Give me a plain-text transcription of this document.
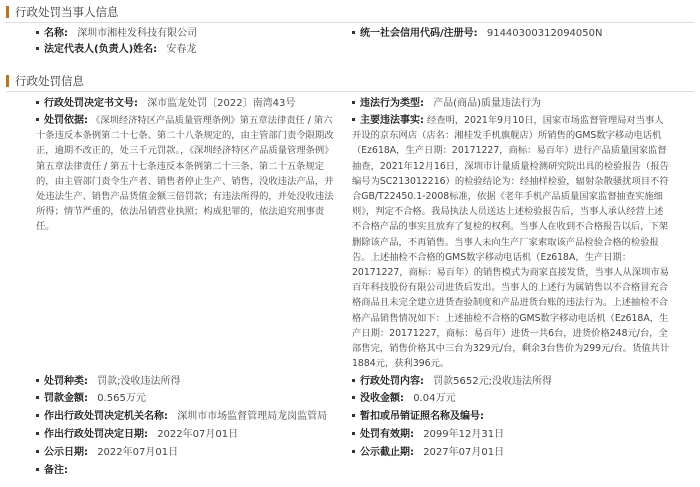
行政处罚当事人信息
名称: 深圳市湘桂发科技有限公司	统一社会信用代码/注册号: 91440300312094050N
法定代表人(负责人)姓名: 安春龙
行政处罚信息
行政处罚决定书文号: 深市监龙处罚〔2022〕南湾43号	违法行为类型: 产品(商品)质量违法行为
处罚依据: 《深圳经济特区产品质量管理条例》第五章法律责任 / 第六十条违反本条例第二十七条、第二十八条规定的，由主管部门责令限期改正，逾期不改正的，处三千元罚款。，《深圳经济特区产品质量管理条例》第五章法律责任 / 第五十七条违反本条例第二十三条、第二十五条规定的，由主管部门责令生产者、销售者停止生产、销售，没收违法产品，并处违法生产、销售产品货值金额三倍罚款；有违法所得的，并处没收违法所得；情节严重的，依法吊销营业执照；构成犯罪的，依法追究刑事责任。
主要违法事实: 经查明，2021年9月10日，国家市场监督管理局对当事人开设的京东网店（店名：湘桂发手机旗舰店）所销售的GMS数字移动电话机（Ez618A，生产日期：20171227，商标：易百年）进行产品质量国家监督抽查，2021年12月16日，深圳市计量质量检测研究院出具的检验报告（报告编号为SC213012216）的检验结论为：经抽样检验，辐射杂散骚扰项目不符合GB/T22450.1-2008标准，依据《老年手机产品质量国家监督抽查实施细则》，判定不合格。我局执法人员送达上述检验报告后，当事人承认经营上述不合格产品的事实且放弃了复检的权利。当事人在收到不合格报告以后，下架删除该产品，不再销售。当事人未向生产厂家索取该产品检验合格的检验报告。上述抽检不合格的GMS数字移动电话机（Ez618A，生产日期：20171227，商标：易百年）的销售模式为商家直接发货，当事人从深圳市易百年科技股份有限公司进货后发出。当事人的上述行为属销售以不合格冒充合格商品且未完全建立进货查验制度和产品进货台账的违法行为。上述抽检不合格产品销售情况如下：上述抽检不合格的GMS数字移动电话机（Ez618A，生产日期：20171227，商标：易百年）进货一共6台，进货价格248元/台，全部售完，销售价格其中三台为329元/台，剩余3台售价为299元/台。货值共计1884元，获利396元。
处罚种类: 罚款;没收违法所得	行政处罚内容: 罚款5652元;没收违法所得
罚款金额: 0.565万元	没收金额: 0.04万元
作出行政处罚决定机关名称: 深圳市市场监督管理局龙岗监管局	暂扣或吊销证照名称及编号:
作出行政处罚决定日期: 2022年07月01日	处罚有效期: 2099年12月31日
公示日期: 2022年07月01日	公示截止期: 2027年07月01日
备注:
